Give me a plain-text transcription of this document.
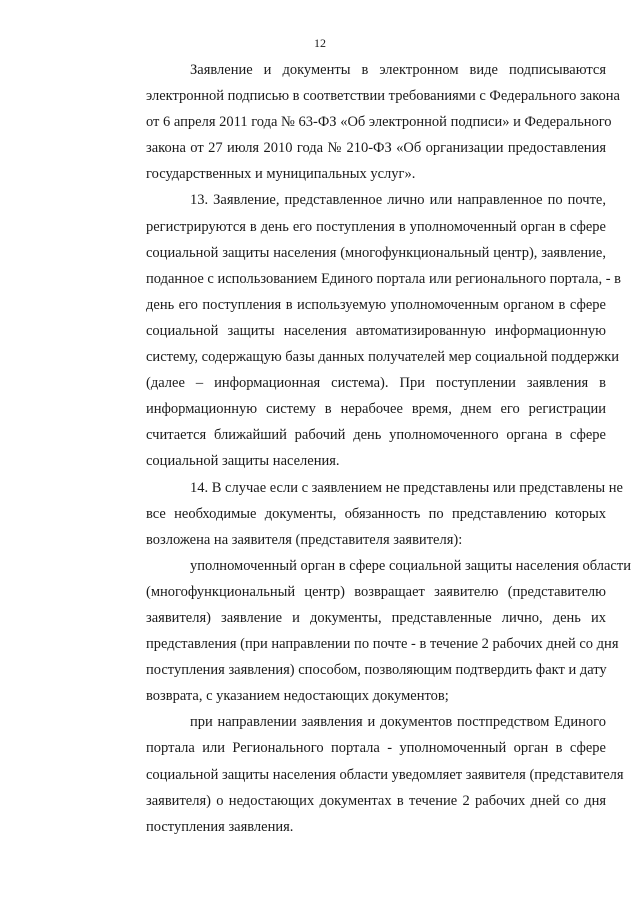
12
Заявление и документы в электронном виде подписываются
электронной подписью в соответствии требованиями с Федерального закона
от 6 апреля 2011 года № 63-ФЗ «Об электронной подписи» и Федерального
закона от 27 июля 2010 года № 210-ФЗ «Об организации предоставления
государственных и муниципальных услуг».
13. Заявление, представленное лично или направленное по почте,
регистрируются в день его поступления в уполномоченный орган в сфере
социальной защиты населения (многофункциональный центр), заявление,
поданное с использованием Единого портала или регионального портала, - в
день его поступления в используемую уполномоченным органом в сфере
социальной защиты населения автоматизированную информационную
систему, содержащую базы данных получателей мер социальной поддержки
(далее – информационная система). При поступлении заявления в
информационную систему в нерабочее время, днем его регистрации
считается ближайший рабочий день уполномоченного органа в сфере
социальной защиты населения.
14. В случае если с заявлением не представлены или представлены не
все необходимые документы, обязанность по представлению которых
возложена на заявителя (представителя заявителя):
уполномоченный орган в сфере социальной защиты населения области
(многофункциональный центр) возвращает заявителю (представителю
заявителя) заявление и документы, представленные лично, день их
представления (при направлении по почте - в течение 2 рабочих дней со дня
поступления заявления) способом, позволяющим подтвердить факт и дату
возврата, с указанием недостающих документов;
при направлении заявления и документов постпредством Единого
портала или Регионального портала - уполномоченный орган в сфере
социальной защиты населения области уведомляет заявителя (представителя
заявителя) о недостающих документах в течение 2 рабочих дней со дня
поступления заявления.
